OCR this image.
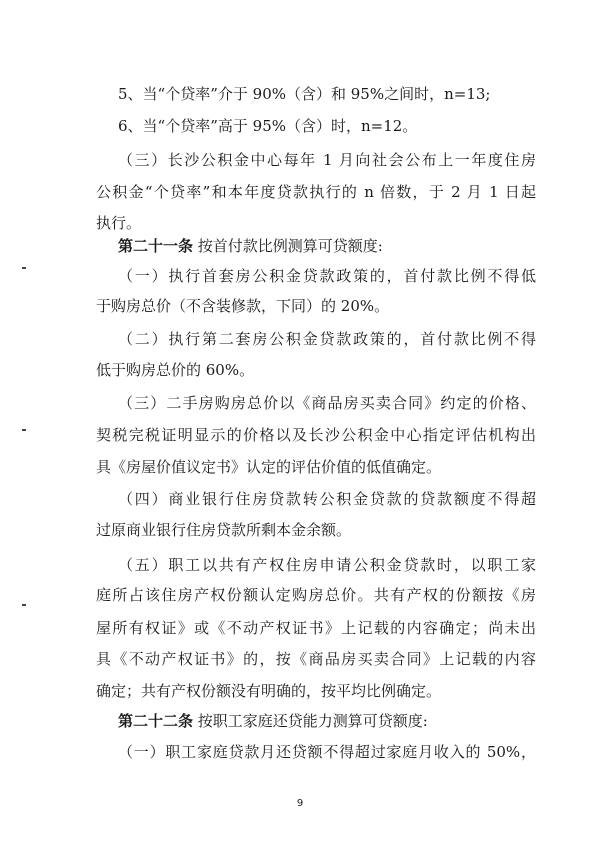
5、当“个贷率”介于 90%（含）和 95%之间时，n=13;
6、当“个贷率”高于 95%（含）时，n=12。
（三）长沙公积金中心每年 1 月向社会公布上一年度住房
公积金“个贷率”和本年度贷款执行的 n 倍数，于 2 月 1 日起
执行。
第二十一条 按首付款比例测算可贷额度:
（一）执行首套房公积金贷款政策的，首付款比例不得低
于购房总价（不含装修款，下同）的 20%。
（二）执行第二套房公积金贷款政策的，首付款比例不得
低于购房总价的 60%。
（三）二手房购房总价以《商品房买卖合同》约定的价格、
契税完税证明显示的价格以及长沙公积金中心指定评估机构出
具《房屋价值议定书》认定的评估价值的低值确定。
（四）商业银行住房贷款转公积金贷款的贷款额度不得超
过原商业银行住房贷款所剩本金余额。
（五）职工以共有产权住房申请公积金贷款时，以职工家
庭所占该住房产权份额认定购房总价。共有产权的份额按《房
屋所有权证》或《不动产权证书》上记载的内容确定；尚未出
具《不动产权证书》的，按《商品房买卖合同》上记载的内容
确定；共有产权份额没有明确的，按平均比例确定。
第二十二条 按职工家庭还贷能力测算可贷额度:
（一）职工家庭贷款月还贷额不得超过家庭月收入的 50%，
9
